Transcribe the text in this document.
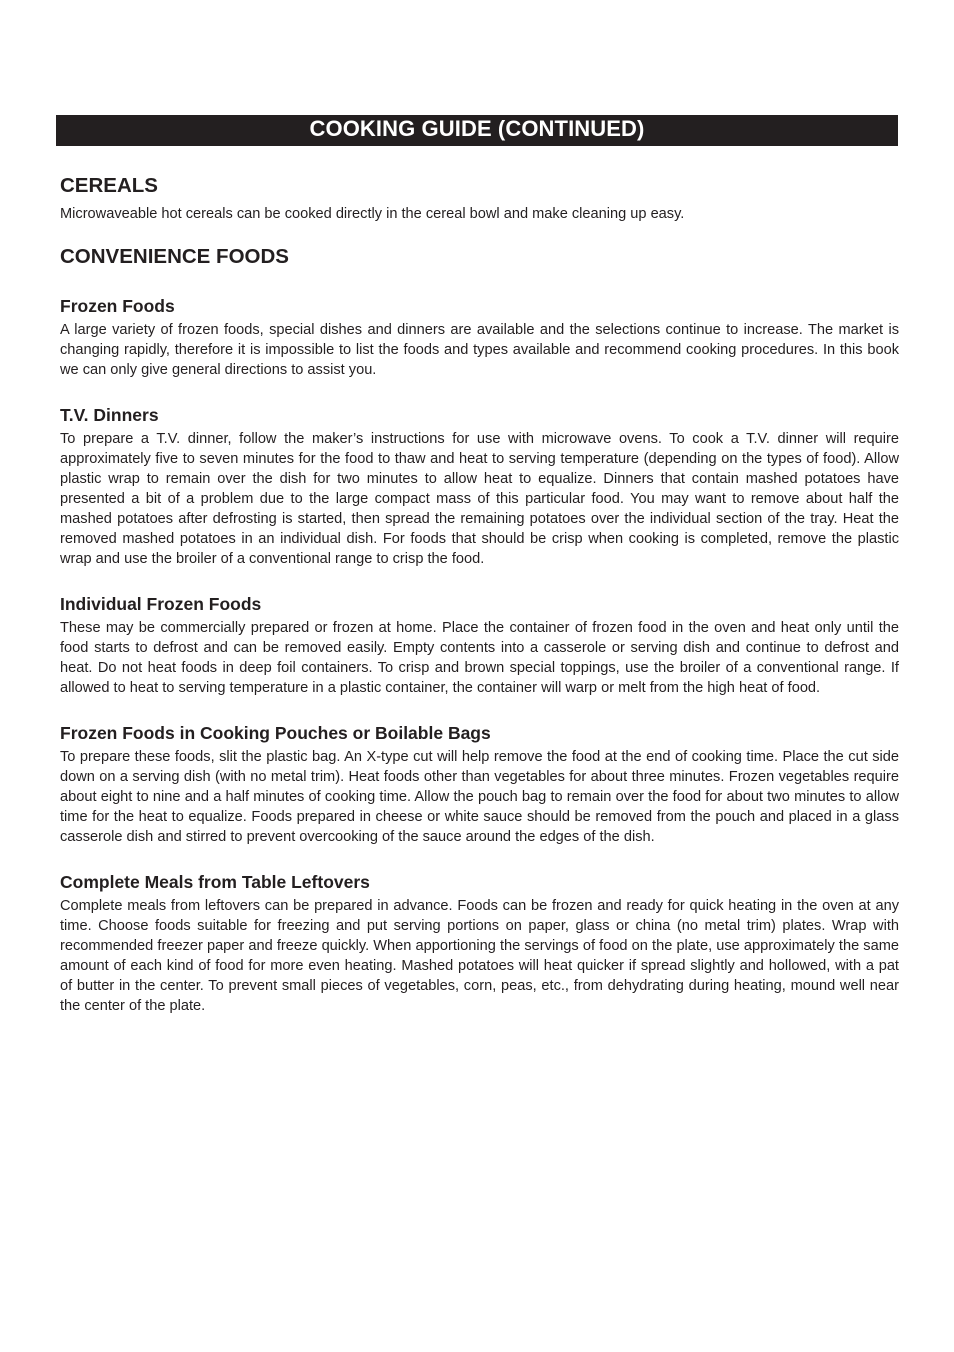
COOKING GUIDE (CONTINUED)
CEREALS

Microwaveable hot cereals can be cooked directly in the cereal bowl and make cleaning up easy.

CONVENIENCE FOODS
Frozen Foods

A large variety of frozen foods, special dishes and dinners are available and the selections continue to increase. The market is changing rapidly, therefore it is impossible to list the foods and types available and recommend cooking procedures. In this book we can only give general directions to assist you.

T.V. Dinners

To prepare a T.V. dinner, follow the maker’s instructions for use with microwave ovens. To cook a T.V. dinner will require approximately five to seven minutes for the food to thaw and heat to serving temperature (depending on the types of food). Allow plastic wrap to remain over the dish for two minutes to allow heat to equalize. Dinners that contain mashed potatoes have presented a bit of a problem due to the large compact mass of this particular food. You may want to remove about half the mashed potatoes after defrosting is started, then spread the remaining potatoes over the individual section of the tray. Heat the removed mashed potatoes in an individual dish. For foods that should be crisp when cooking is completed, remove the plastic wrap and use the broiler of a conventional range to crisp the food.

Individual Frozen Foods

These may be commercially prepared or frozen at home. Place the container of frozen food in the oven and heat only until the food starts to defrost and can be removed easily. Empty contents into a casserole or serving dish and continue to defrost and heat. Do not heat foods in deep foil containers. To crisp and brown special toppings, use the broiler of a conventional range. If allowed to heat to serving temperature in a plastic container, the container will warp or melt from the high heat of food.

Frozen Foods in Cooking Pouches or Boilable Bags

To prepare these foods, slit the plastic bag. An X-type cut will help remove the food at the end of cooking time. Place the cut side down on a serving dish (with no metal trim). Heat foods other than vegetables for about three minutes. Frozen vegetables require about eight to nine and a half minutes of cooking time. Allow the pouch bag to remain over the food for about two minutes to allow time for the heat to equalize. Foods prepared in cheese or white sauce should be removed from the pouch and placed in a glass casserole dish and stirred to prevent overcooking of the sauce around the edges of the dish.

Complete Meals from Table Leftovers

Complete meals from leftovers can be prepared in advance. Foods can be frozen and ready for quick heating in the oven at any time. Choose foods suitable for freezing and put serving portions on paper, glass or china (no metal trim) plates. Wrap with recommended freezer paper and freeze quickly. When apportioning the servings of food on the plate, use approximately the same amount of each kind of food for more even heating. Mashed potatoes will heat quicker if spread slightly and hollowed, with a pat of butter in the center. To prevent small pieces of vegetables, corn, peas, etc., from dehydrating during heating, mound well near the center of the plate.
